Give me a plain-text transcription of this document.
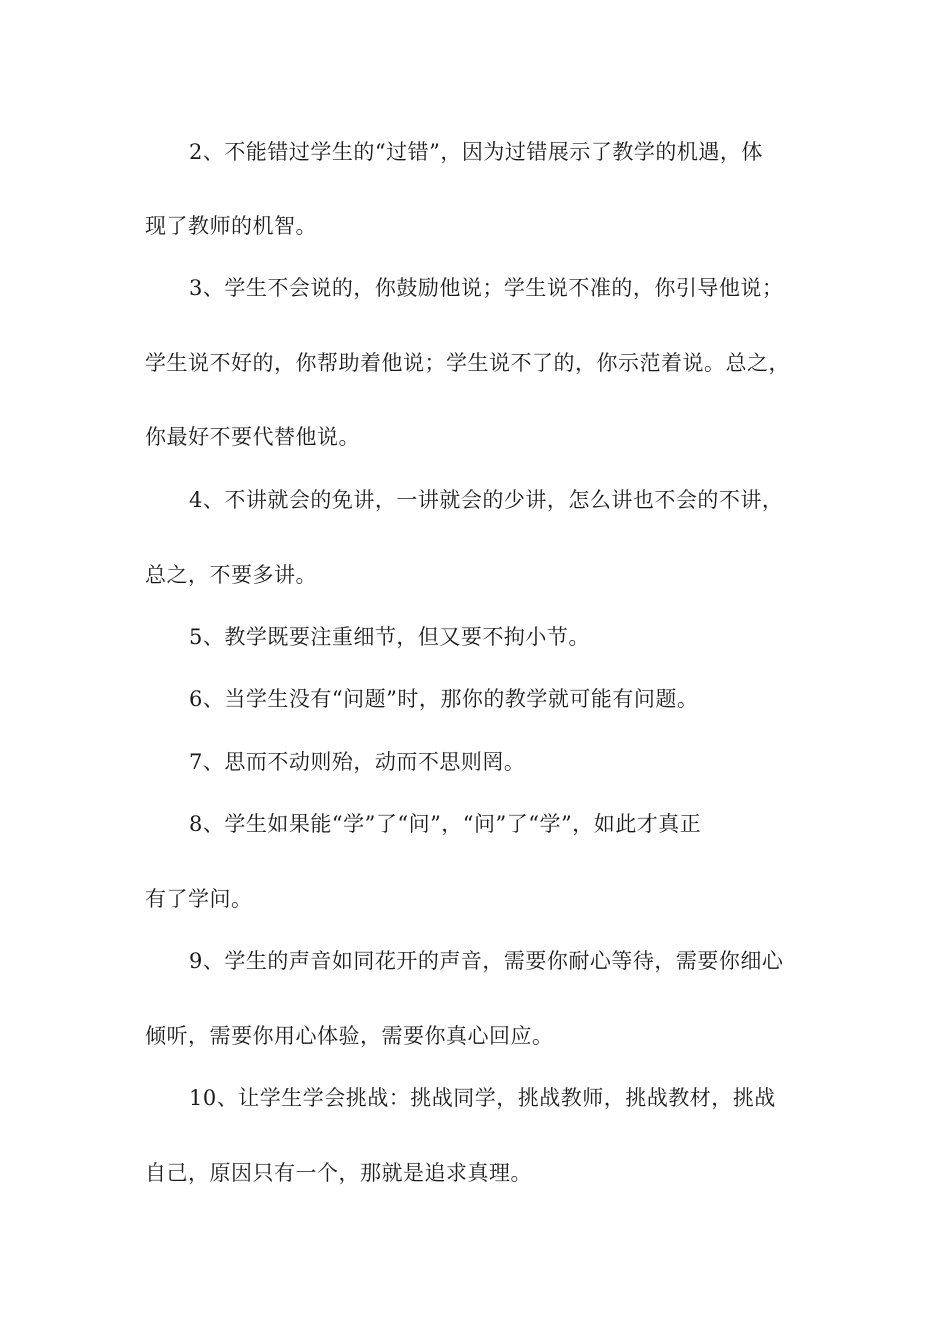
2、不能错过学生的“过错”，因为过错展示了教学的机遇，体
现了教师的机智。
3、学生不会说的，你鼓励他说；学生说不准的，你引导他说；
学生说不好的，你帮助着他说；学生说不了的，你示范着说。总之，
你最好不要代替他说。
4、不讲就会的免讲，一讲就会的少讲，怎么讲也不会的不讲，
总之，不要多讲。
5、教学既要注重细节，但又要不拘小节。
6、当学生没有“问题”时，那你的教学就可能有问题。
7、思而不动则殆，动而不思则罔。
8、学生如果能“学”了“问”，“问”了“学”，如此才真正
有了学问。
9、学生的声音如同花开的声音，需要你耐心等待，需要你细心
倾听，需要你用心体验，需要你真心回应。
10、让学生学会挑战：挑战同学，挑战教师，挑战教材，挑战
自己，原因只有一个，那就是追求真理。
